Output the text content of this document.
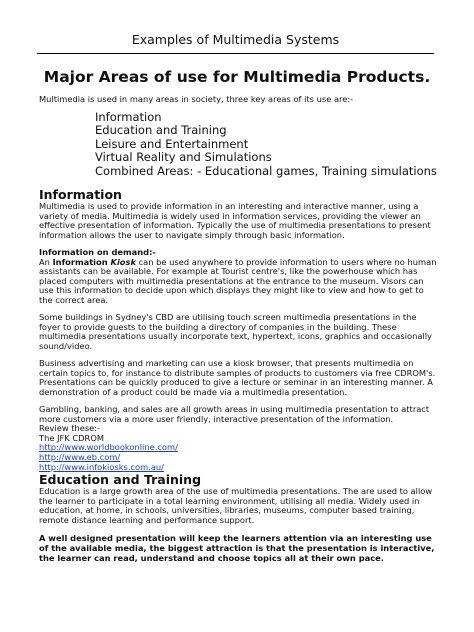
Examples of Multimedia Systems
Major Areas of use for Multimedia Products.
Multimedia is used in many areas in society, three key areas of its use are:-
Information
Education and Training
Leisure and Entertainment
Virtual Reality and Simulations
Combined Areas: - Educational games, Training simulations
Information

Multimedia is used to provide information in an interesting and interactive manner, using a variety of media. Multimedia is widely used in information services, providing the viewer an effective presentation of information. Typically the use of multimedia presentations to present information allows the user to navigate simply through basic information.

Information on demand:-

An Information Kiosk can be used anywhere to provide information to users where no human assistants can be available. For example at Tourist centre's, like the powerhouse which has placed computers with multimedia presentations at the entrance to the museum. Visors can use this information to decide upon which displays they might like to view and how to get to the correct area.

Some buildings in Sydney's CBD are utilising touch screen multimedia presentations in the foyer to provide guests to the building a directory of companies in the building. These multimedia presentations usually incorporate text, hypertext, icons, graphics and occasionally sound/video.

Business advertising and marketing can use a kiosk browser, that presents multimedia on certain topics to, for instance to distribute samples of products to customers via free CDROM's. Presentations can be quickly produced to give a lecture or seminar in an interesting manner. A demonstration of a product could be made via a multimedia presentation.

Gambling, banking, and sales are all growth areas in using multimedia presentation to attract more customers via a more user friendly, interactive presentation of the information.

Review these:-
The JFK CDROM
http://www.worldbookonline.com/
http://www.eb.com/
http://www.infokiosks.com.au/
Education and Training

Education is a large growth area of the use of multimedia presentations. The are used to allow the learner to participate in a total learning environment, utilising all media. Widely used in education, at home, in schools, universities, libraries, museums, computer based training, remote distance learning and performance support.

A well designed presentation will keep the learners attention via an interesting use of the available media, the biggest attraction is that the presentation is interactive, the learner can read, understand and choose topics all at their own pace.
